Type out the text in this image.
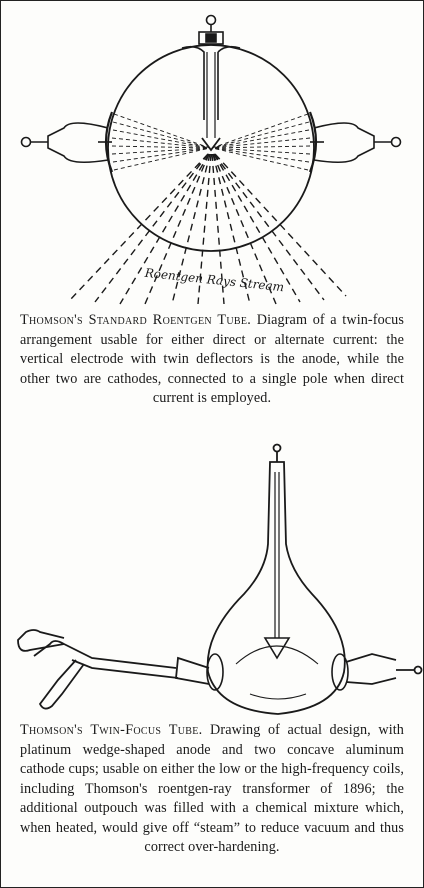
Roentgen Rays Stream
Thomson's Standard Roentgen Tube. Diagram of a twin-focus arrangement usable for either direct or alternate current: the vertical electrode with twin deflectors is the anode, while the other two are cathodes, connected to a single pole when direct current is employed.
Thomson's Twin-Focus Tube. Drawing of actual design, with platinum wedge-shaped anode and two concave aluminum cathode cups; usable on either the low or the high-frequency coils, including Thomson's roentgen-ray transformer of 1896; the additional outpouch was filled with a chemical mixture which, when heated, would give off “steam” to reduce vacuum and thus correct over-hardening.
